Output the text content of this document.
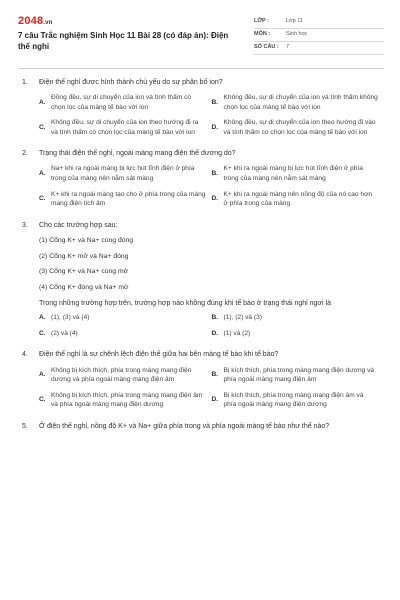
2048.vn
7 câu Trắc nghiệm Sinh Học 11 Bài 28 (có đáp án): Điện thế nghỉ
LỚP :	Lớp 11
MÔN :	Sinh học
SỐ CÂU :	7
1.	Điện thế nghỉ được hình thành chủ yếu do sự phân bố ion?
A.
Đồng đều, sự di chuyển của ion và tính thấm có chọn lọc của màng tế bào với ion
B.
Không đều, sự di chuyển của ion và tính thấm không chọn lọc của màng tế bào với ion
C.
Không đều, sự di chuyển của ion theo hướng đi ra và tính thấm có chọn lọc của màng tế bào với ion
D.
Không đều, sự di chuyển của ion theo hướng đi vào và tính thấm có chọn lọc của màng tế bào với ion
2.	Trạng thái điện thế nghỉ, ngoài màng mang điện thế dương do?
A.
Na+ khi ra ngoài màng bị lực hút tĩnh điện ở phía trong của màng nên nằm sát màng
B.
K+ khi ra ngoài màng bị lực hút tĩnh điện ở phía trong của màng nên nằm sát màng
C.
K+ khi ra ngoài màng tạo cho ở phía trong của màng mang điện tích âm
D.
K+ khi ra ngoài màng nên nồng độ của nó cao hơn ở phía trong của màng
3.	Cho các trường hợp sau:
(1) Cổng K+ và Na+ cùng đóng
(2) Cổng K+ mở và Na+ đóng
(3) Cổng K+ và Na+ cùng mở
(4) Cổng K+ đóng và Na+ mở
Trong những trường hợp trên, trường hợp nào không đúng khi tế bào ở trạng thái nghỉ ngơi là
A. (1), (3) và (4)	B. (1), (2) và (3)
C. (2) và (4)	D. (1) và (2)
4.	Điện thế nghỉ là sự chênh lệch điện thế giữa hai bên màng tế bào khi tế bào?
A.
Không bị kích thích, phía trong màng mang điện dương và phía ngoài màng mang điện âm
B.
Bị kích thích, phía trong màng mang điện dương và phía ngoài màng mang điện âm
C.
Không bị kích thích, phía trong màng mang điện âm và phía ngoài màng mang điện dương
D.
Bị kích thích, phía trong màng mang điện âm và phía ngoài màng mang điện dương
5.	Ở điện thế nghỉ, nồng độ K+ và Na+ giữa phía trong và phía ngoài màng tế bào như thế nào?
